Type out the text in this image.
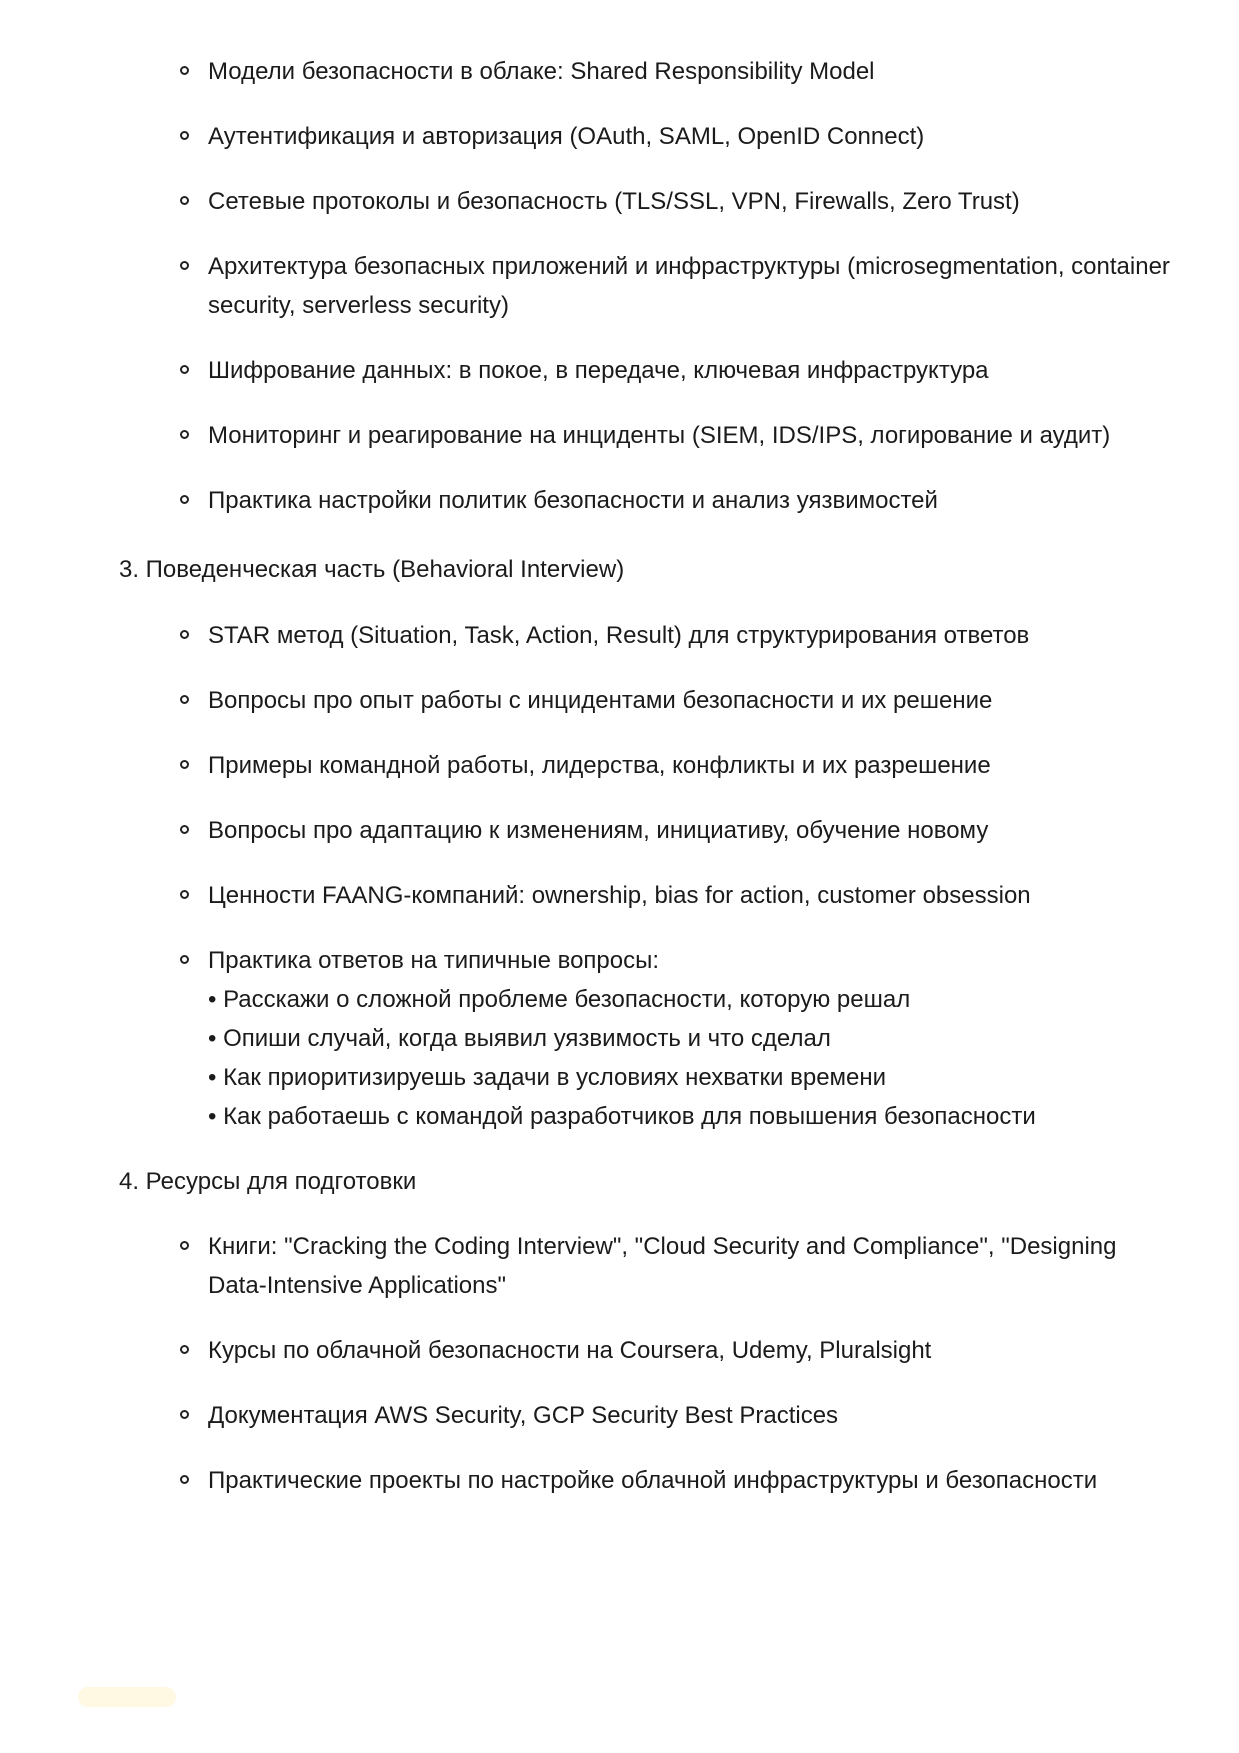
Модели безопасности в облаке: Shared Responsibility Model
Аутентификация и авторизация (OAuth, SAML, OpenID Connect)
Сетевые протоколы и безопасность (TLS/SSL, VPN, Firewalls, Zero Trust)
Архитектура безопасных приложений и инфраструктуры (microsegmentation, container security, serverless security)
Шифрование данных: в покое, в передаче, ключевая инфраструктура
Мониторинг и реагирование на инциденты (SIEM, IDS/IPS, логирование и аудит)
Практика настройки политик безопасности и анализ уязвимостей
3. Поведенческая часть (Behavioral Interview)
STAR метод (Situation, Task, Action, Result) для структурирования ответов
Вопросы про опыт работы с инцидентами безопасности и их решение
Примеры командной работы, лидерства, конфликты и их разрешение
Вопросы про адаптацию к изменениям, инициативу, обучение новому
Ценности FAANG-компаний: ownership, bias for action, customer obsession
Практика ответов на типичные вопросы:
• Расскажи о сложной проблеме безопасности, которую решал
• Опиши случай, когда выявил уязвимость и что сделал
• Как приоритизируешь задачи в условиях нехватки времени
• Как работаешь с командой разработчиков для повышения безопасности
4. Ресурсы для подготовки
Книги: "Cracking the Coding Interview", "Cloud Security and Compliance", "Designing Data-Intensive Applications"
Курсы по облачной безопасности на Coursera, Udemy, Pluralsight
Документация AWS Security, GCP Security Best Practices
Практические проекты по настройке облачной инфраструктуры и безопасности
